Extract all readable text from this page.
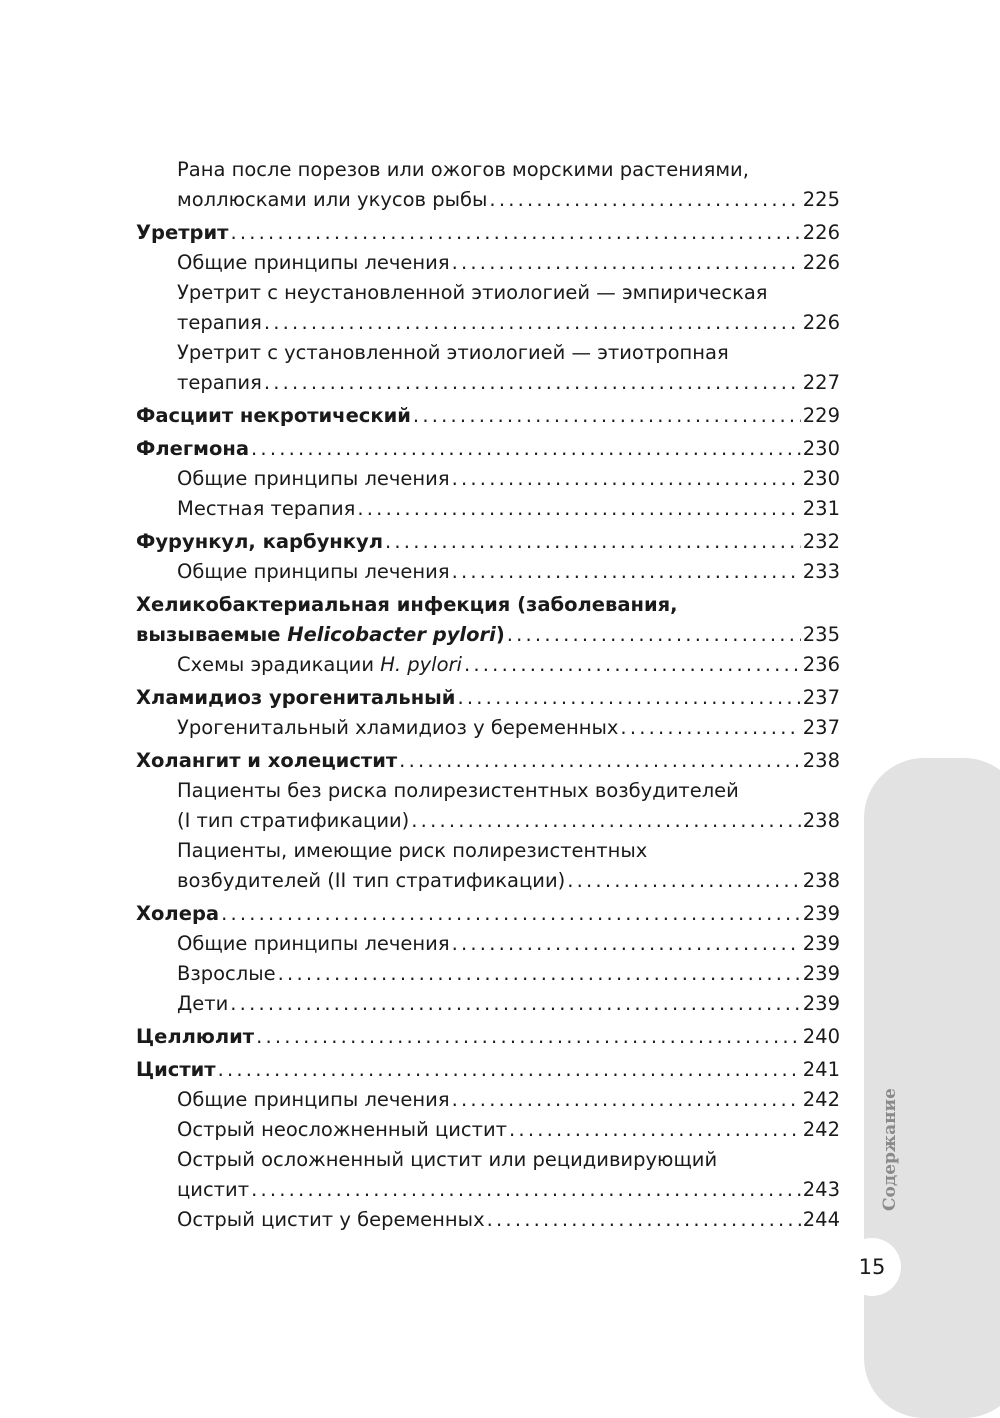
Рана после порезов или ожогов морскими растениями,
моллюсками или укусов рыбы .....	225
Уретрит .....	226
Общие принципы лечения .....	226
Уретрит с неустановленной этиологией — эмпирическая
терапия .....	226
Уретрит с установленной этиологией — этиотропная
терапия .....	227
Фасциит некротический .....	229
Флегмона .....	230
Общие принципы лечения .....	230
Местная терапия .....	231
Фурункул, карбункул .....	232
Общие принципы лечения .....	233
Хеликобактериальная инфекция (заболевания,
вызываемые Helicobacter pylori) .....	235
Схемы эрадикации H. pylori .....	236
Хламидиоз урогенитальный .....	237
Урогенитальный хламидиоз у беременных .....	237
Холангит и холецистит .....	238
Пациенты без риска полирезистентных возбудителей
(I тип стратификации) .....	238
Пациенты, имеющие риск полирезистентных
возбудителей (II тип стратификации) .....	238
Холера .....	239
Общие принципы лечения .....	239
Взрослые .....	239
Дети .....	239
Целлюлит .....	240
Цистит .....	241
Общие принципы лечения .....	242
Острый неосложненный цистит .....	242
Острый осложненный цистит или рецидивирующий
цистит .....	243
Острый цистит у беременных .....	244
Содержание
15
